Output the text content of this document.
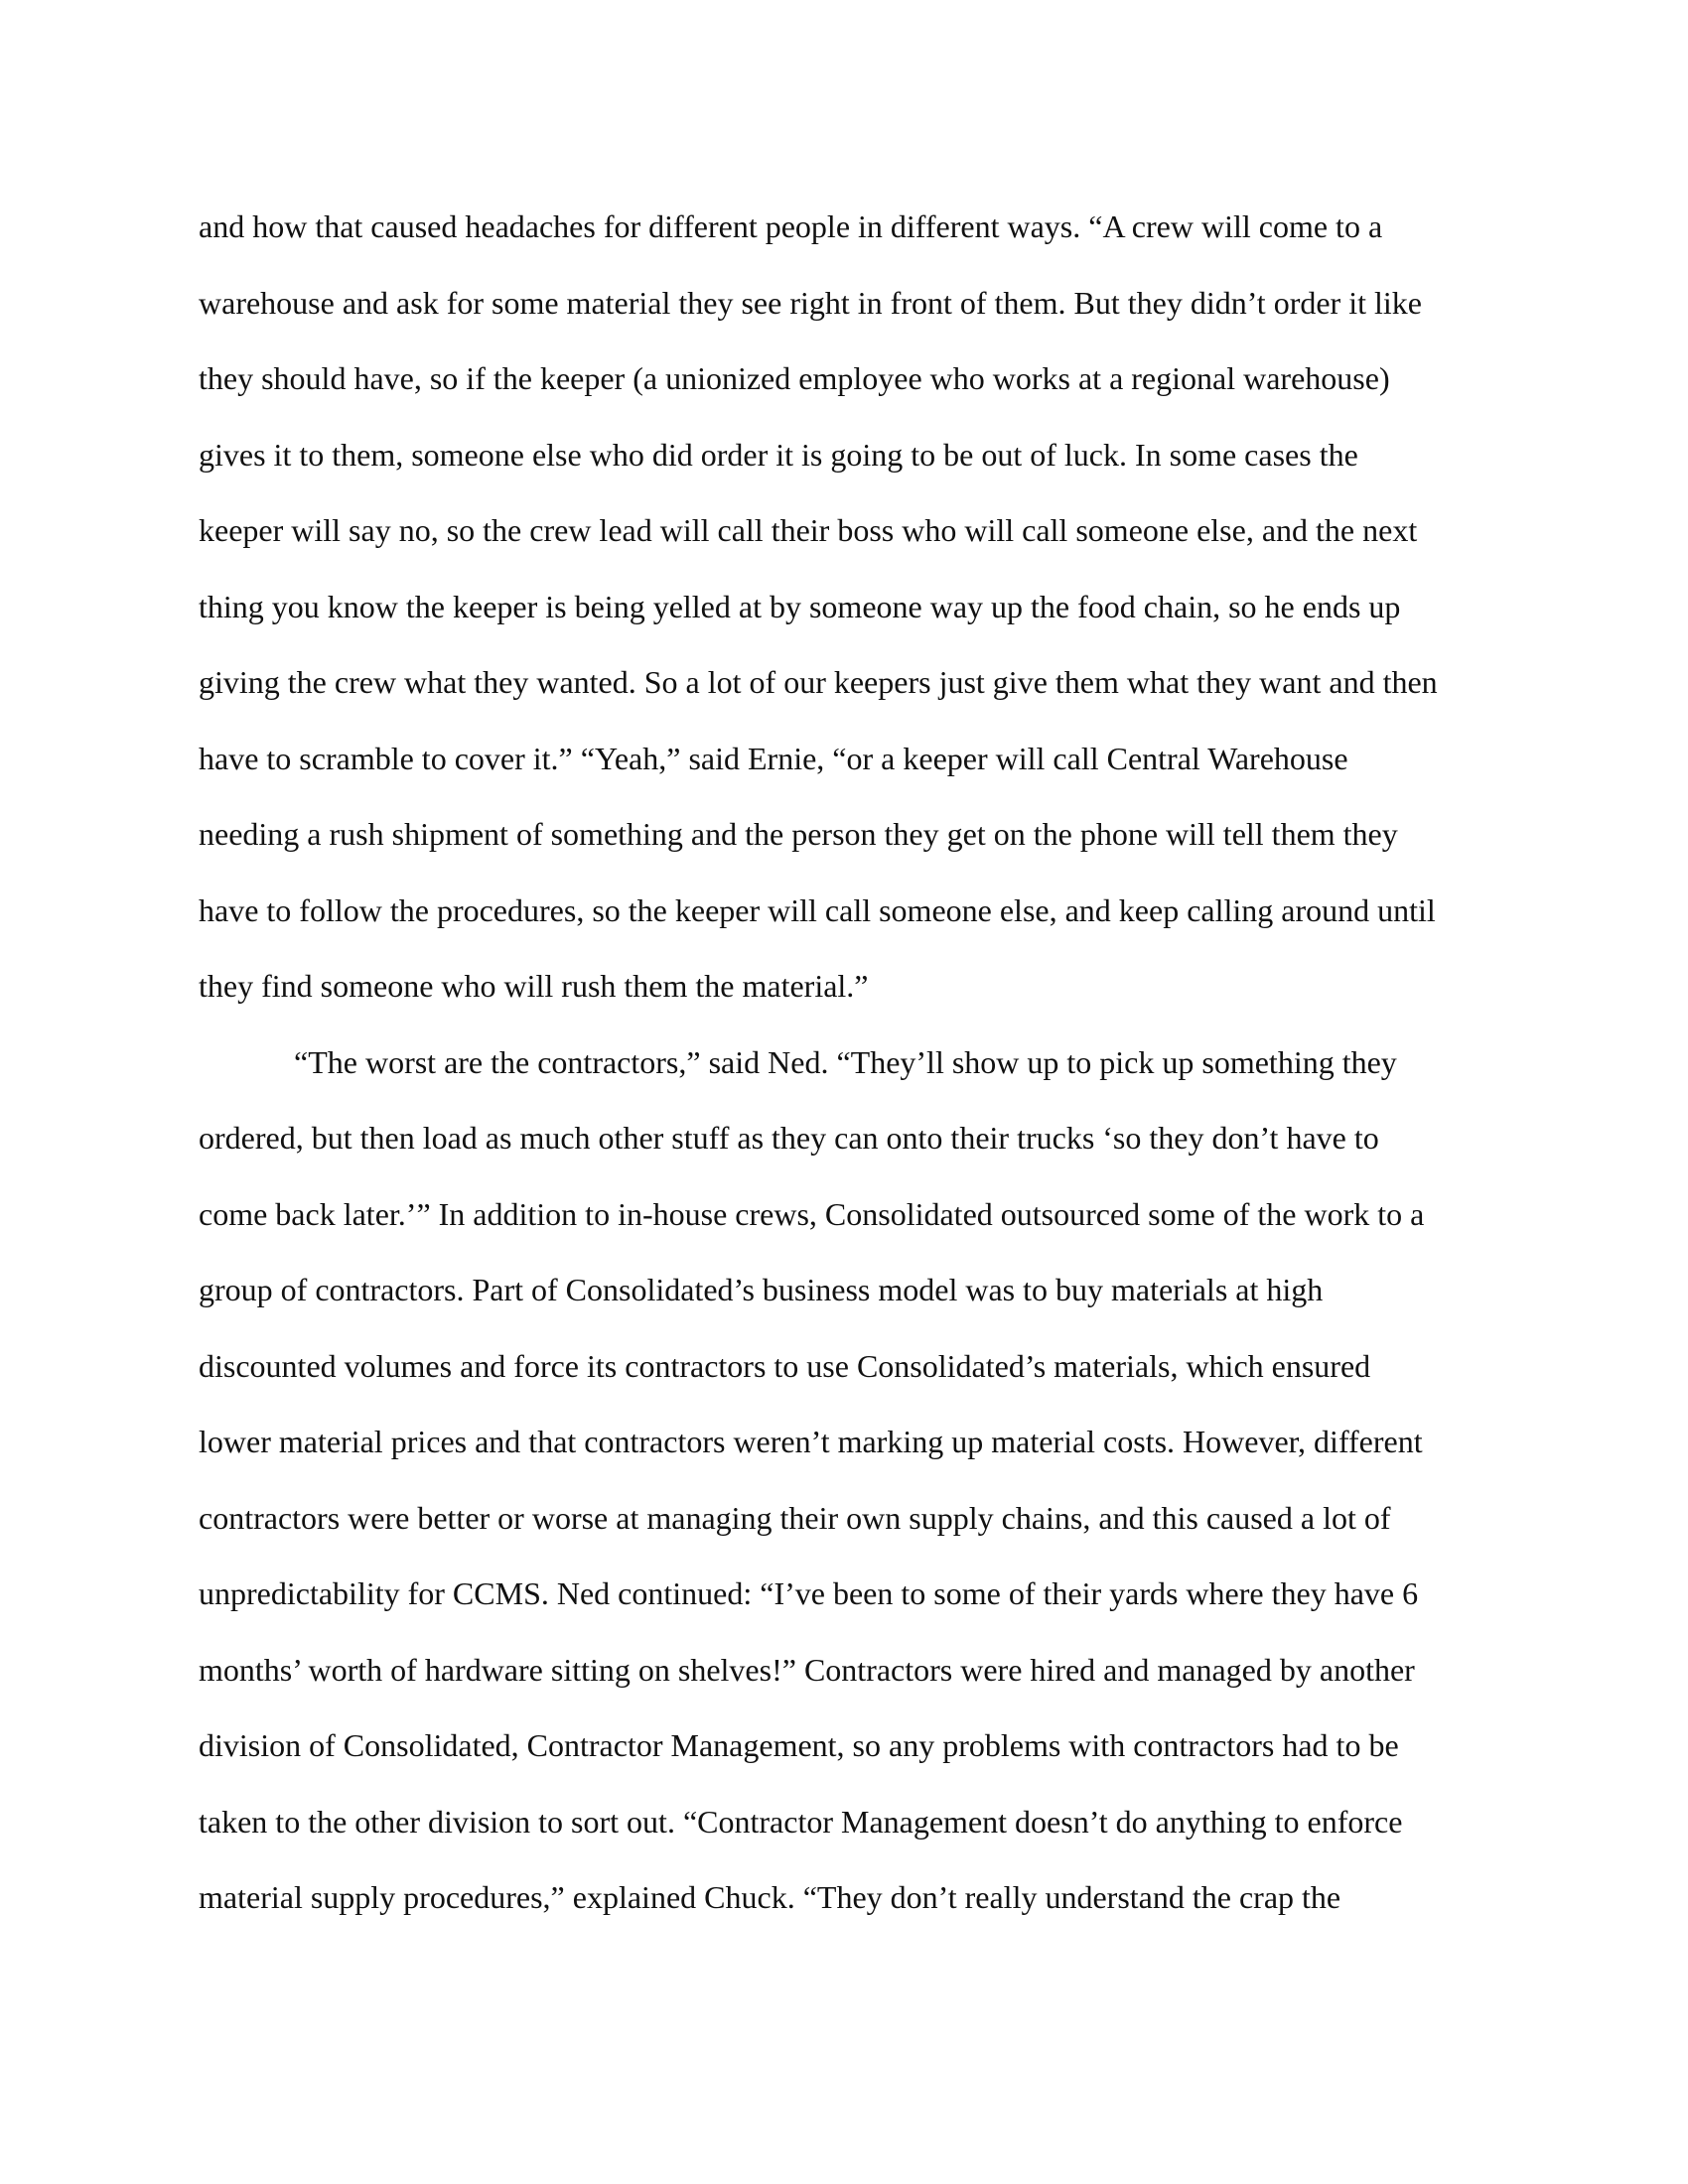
and how that caused headaches for different people in different ways. “A crew will come to a
warehouse and ask for some material they see right in front of them. But they didn’t order it like
they should have, so if the keeper (a unionized employee who works at a regional warehouse)
gives it to them, someone else who did order it is going to be out of luck. In some cases the
keeper will say no, so the crew lead will call their boss who will call someone else, and the next
thing you know the keeper is being yelled at by someone way up the food chain, so he ends up
giving the crew what they wanted. So a lot of our keepers just give them what they want and then
have to scramble to cover it.” “Yeah,” said Ernie, “or a keeper will call Central Warehouse
needing a rush shipment of something and the person they get on the phone will tell them they
have to follow the procedures, so the keeper will call someone else, and keep calling around until
they find someone who will rush them the material.”
“The worst are the contractors,” said Ned. “They’ll show up to pick up something they
ordered, but then load as much other stuff as they can onto their trucks ‘so they don’t have to
come back later.’” In addition to in-house crews, Consolidated outsourced some of the work to a
group of contractors. Part of Consolidated’s business model was to buy materials at high
discounted volumes and force its contractors to use Consolidated’s materials, which ensured
lower material prices and that contractors weren’t marking up material costs. However, different
contractors were better or worse at managing their own supply chains, and this caused a lot of
unpredictability for CCMS. Ned continued: “I’ve been to some of their yards where they have 6
months’ worth of hardware sitting on shelves!” Contractors were hired and managed by another
division of Consolidated, Contractor Management, so any problems with contractors had to be
taken to the other division to sort out. “Contractor Management doesn’t do anything to enforce
material supply procedures,” explained Chuck. “They don’t really understand the crap the
